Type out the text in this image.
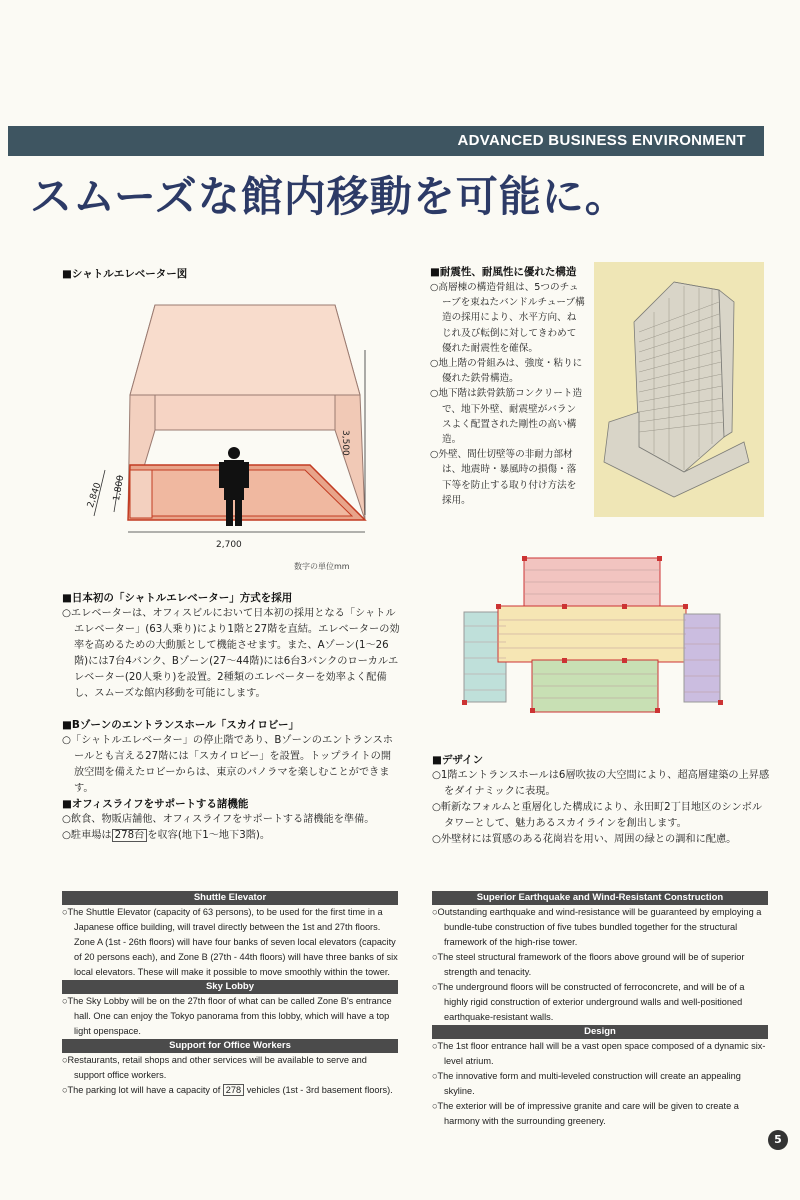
ADVANCED BUSINESS ENVIRONMENT
スムーズな館内移動を可能に。
■シャトルエレベーター図
3,500
2,840 1,800
2,700
数字の単位mm
■耐震性、耐風性に優れた構造

○高層棟の構造骨組は、5つのチューブを束ねたバンドルチューブ構造の採用により、水平方向、ねじれ及び転倒に対してきわめて優れた耐震性を確保。

○地上階の骨組みは、強度・粘りに優れた鉄骨構造。

○地下階は鉄骨鉄筋コンクリート造で、地下外壁、耐震壁がバランスよく配置された剛性の高い構造。

○外壁、間仕切壁等の非耐力部材は、地震時・暴風時の損傷・落下等を防止する取り付け方法を採用。

■日本初の「シャトルエレベーター」方式を採用

○エレベーターは、オフィスビルにおいて日本初の採用となる「シャトルエレベーター」(63人乗り)により1階と27階を直結。エレベーターの効率を高めるための大動脈として機能させます。また、Aゾーン(1〜26階)には7台4バンク、Bゾーン(27〜44階)には6台3バンクのローカルエレベーター(20人乗り)を設置。2種類のエレベーターを効率よく配備し、スムーズな館内移動を可能にします。

■Bゾーンのエントランスホール「スカイロビー」

○「シャトルエレベーター」の停止階であり、Bゾーンのエントランスホールとも言える27階には「スカイロビー」を設置。トップライトの開放空間を備えたロビーからは、東京のパノラマを楽しむことができます。

■オフィスライフをサポートする諸機能

○飲食、物販店舗他、オフィスライフをサポートする諸機能を準備。

○駐車場は 278台 を収容(地下1〜地下3階)。

■デザイン

○1階エントランスホールは6層吹抜の大空間により、超高層建築の上昇感をダイナミックに表現。

○斬新なフォルムと重層化した構成により、永田町2丁目地区のシンボルタワーとして、魅力あるスカイラインを創出します。

○外壁材には質感のある花崗岩を用い、周囲の緑との調和に配慮。

Shuttle Elevator

○The Shuttle Elevator (capacity of 63 persons), to be used for the first time in a Japanese office building, will travel directly between the 1st and 27th floors. Zone A (1st - 26th floors) will have four banks of seven local elevators (capacity of 20 persons each), and Zone B (27th - 44th floors) will have three banks of six local elevators. These will make it possible to move smoothly within the tower.

Sky Lobby

○The Sky Lobby will be on the 27th floor of what can be called Zone B's entrance hall. One can enjoy the Tokyo panorama from this lobby, which will have a top light openspace.

Support for Office Workers

○Restaurants, retail shops and other services will be available to serve and support office workers.

○The parking lot will have a capacity of 278 vehicles (1st - 3rd basement floors).

Superior Earthquake and Wind-Resistant Construction

○Outstanding earthquake and wind-resistance will be guaranteed by employing a bundle-tube construction of five tubes bundled together for the structural framework of the high-rise tower.

○The steel structural framework of the floors above ground will be of superior strength and tenacity.

○The underground floors will be constructed of ferroconcrete, and will be of a highly rigid construction of exterior underground walls and well-positioned earthquake-resistant walls.

Design

○The 1st floor entrance hall will be a vast open space composed of a dynamic six-level atrium.

○The innovative form and multi-leveled construction will create an appealing skyline.

○The exterior will be of impressive granite and care will be given to create a harmony with the surrounding greenery.

5
